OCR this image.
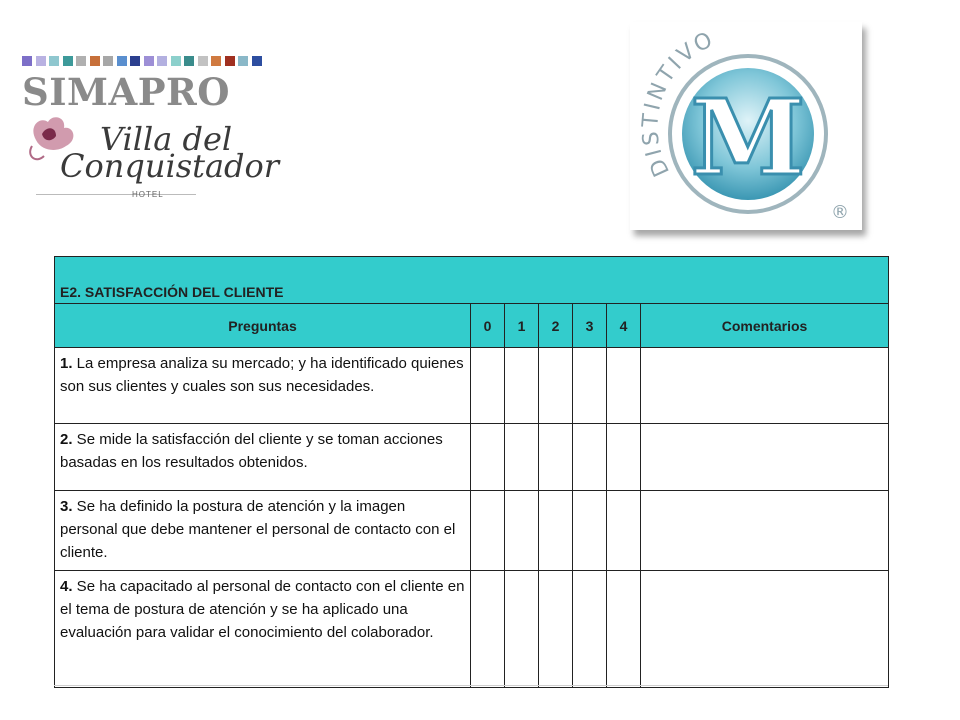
SIMAPRO
Villa del
Conquistador
HOTEL
DISTINTIVO
M
®
E2. SATISFACCIÓN DEL CLIENTE						
Preguntas	0	1	2	3	4	Comentarios
1. La empresa analiza su mercado; y ha identificado quienes son sus clientes y cuales son sus necesidades.						
2. Se mide la satisfacción del cliente y se toman acciones basadas en los resultados obtenidos.						
3. Se ha definido la postura de atención y la imagen personal que debe mantener el personal de contacto con el cliente.						
4. Se ha capacitado al personal de contacto con el cliente en el tema de postura de atención y se ha aplicado una evaluación para validar el conocimiento del colaborador.						
